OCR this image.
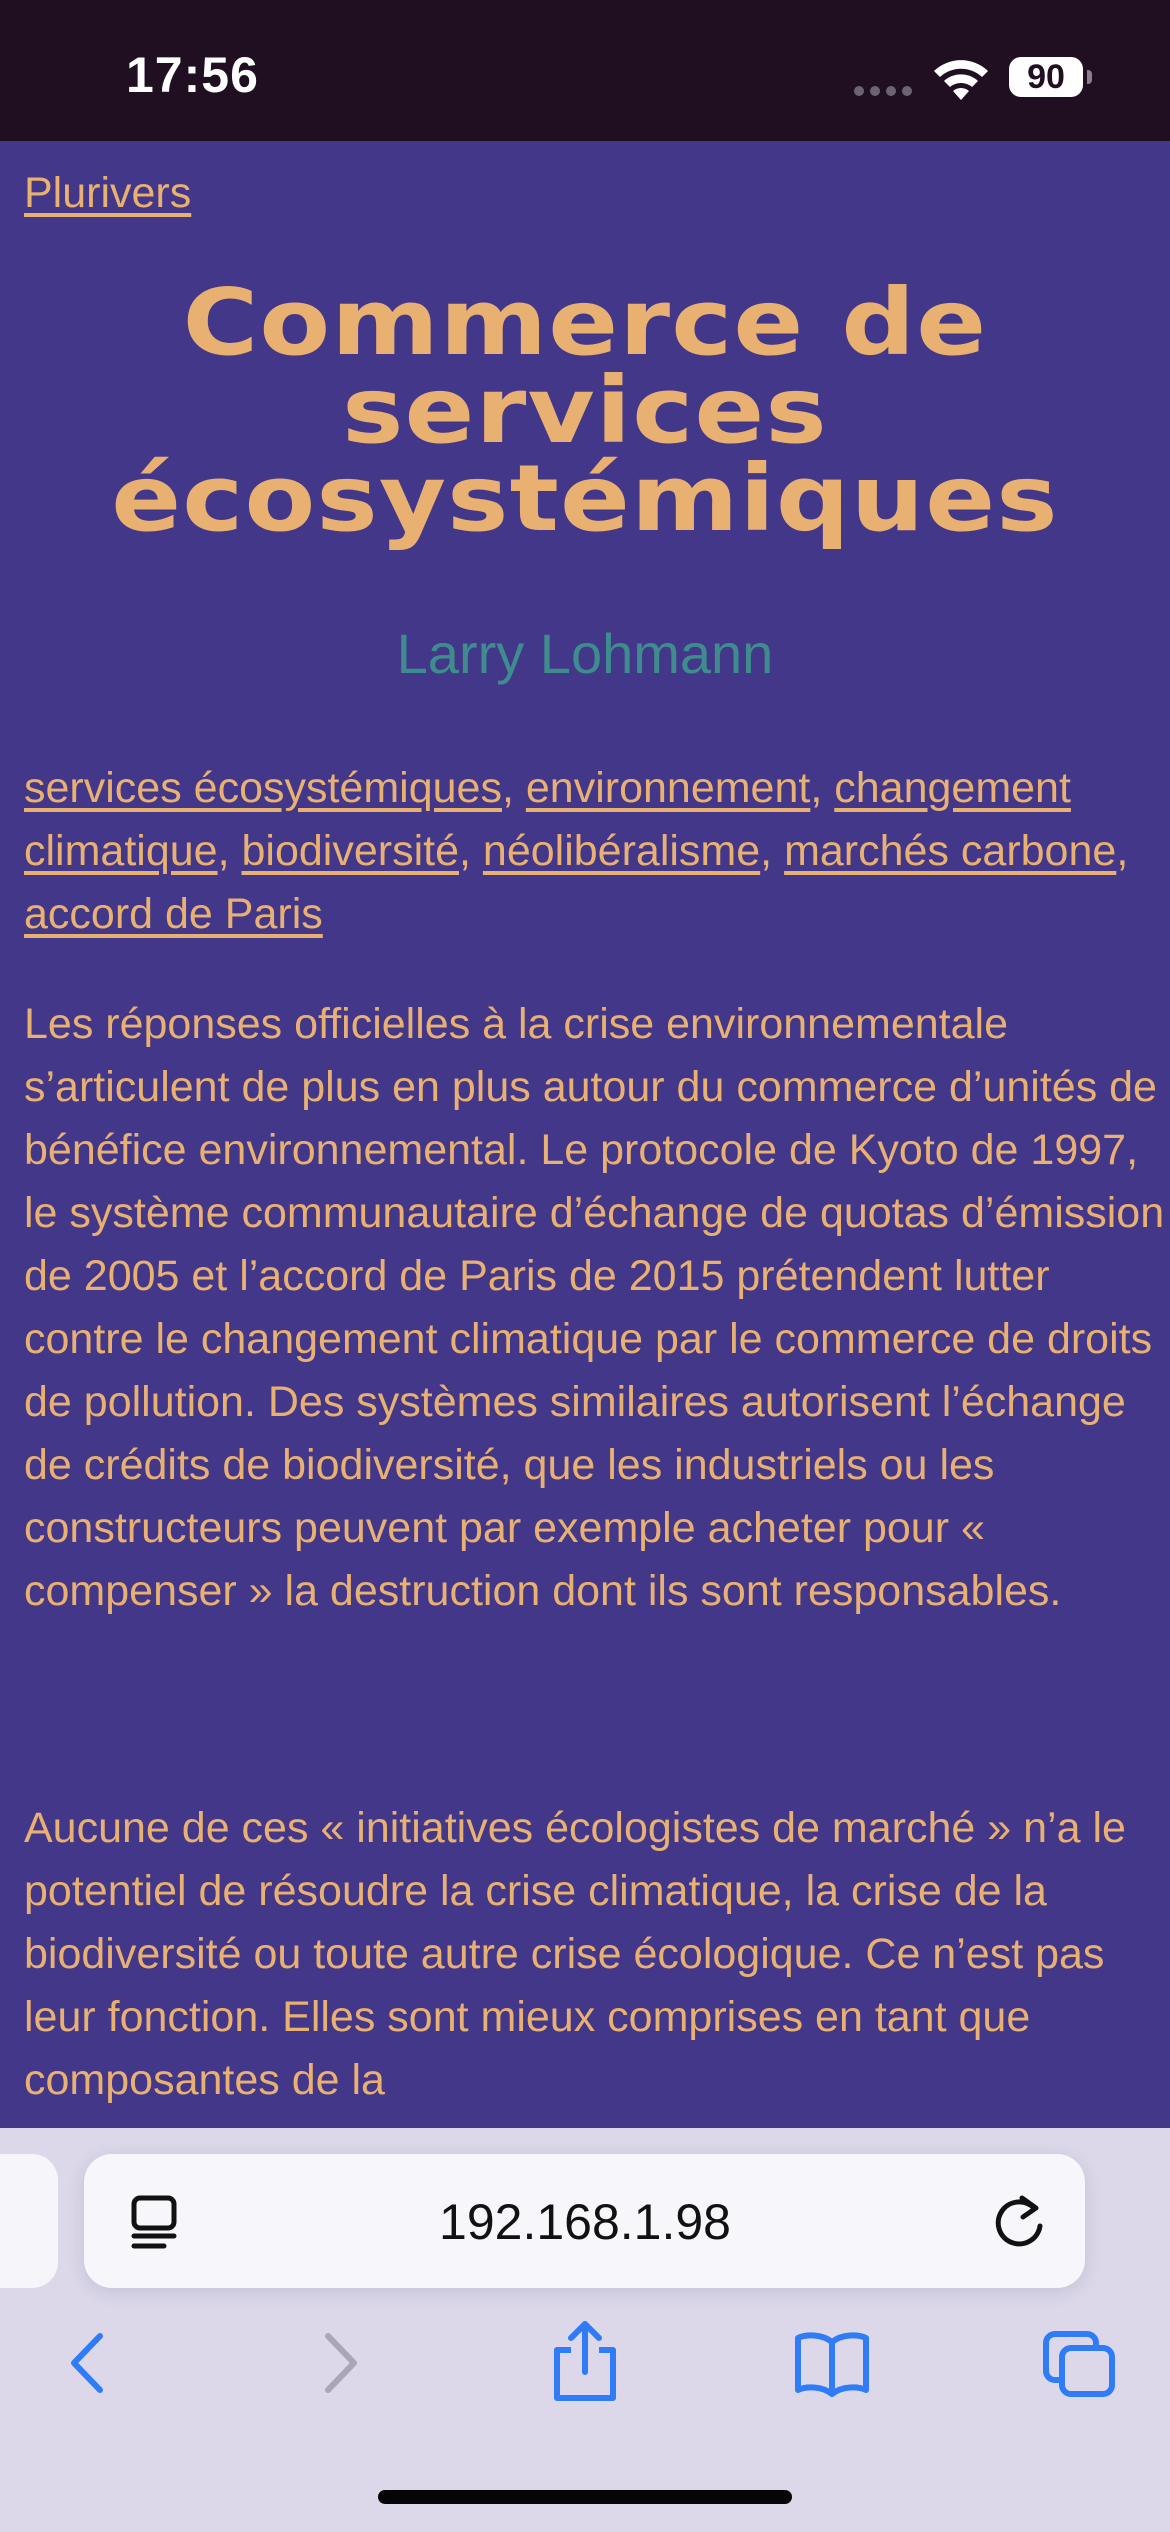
17:56	90
Plurivers
Commerce de services écosystémiques
Larry Lohmann
services écosystémiques, environnement, changement climatique, biodiversité, néolibéralisme, marchés carbone, accord de Paris

Les réponses officielles à la crise environnementale s’articulent de plus en plus autour du commerce d’unités de bénéfice environnemental. Le protocole de Kyoto de 1997, le système communautaire d’échange de quotas d’émission de 2005 et l’accord de Paris de 2015 prétendent lutter contre le changement climatique par le commerce de droits de pollution. Des systèmes similaires autorisent l’échange de crédits de biodiversité, que les industriels ou les constructeurs peuvent par exemple acheter pour « compenser » la destruction dont ils sont responsables.

Aucune de ces « initiatives écologistes de marché » n’a le potentiel de résoudre la crise climatique, la crise de la biodiversité ou toute autre crise écologique. Ce n’est pas leur fonction. Elles sont mieux comprises en tant que composantes de la

192.168.1.98
